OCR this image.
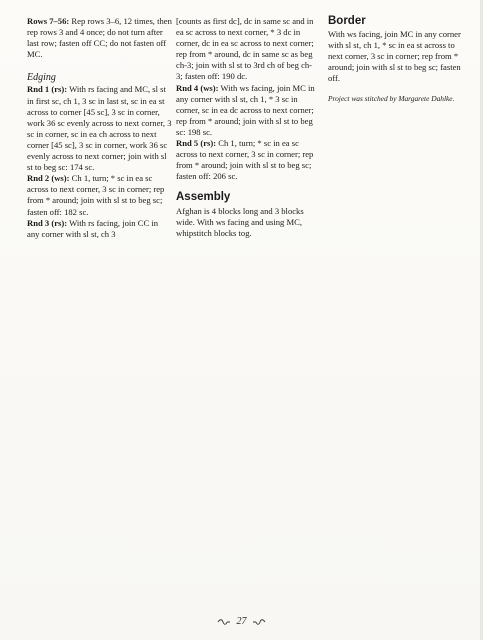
Rows 7–56: Rep rows 3–6, 12 times, then rep rows 3 and 4 once; do not turn after last row; fasten off CC; do not fasten off MC.

Edging

Rnd 1 (rs): With rs facing and MC, sl st in first sc, ch 1, 3 sc in last st, sc in ea st across to corner [45 sc], 3 sc in corner, work 36 sc evenly across to next corner, 3 sc in corner, sc in ea ch across to next corner [45 sc], 3 sc in corner, work 36 sc evenly across to next corner; join with sl st to beg sc: 174 sc.

Rnd 2 (ws): Ch 1, turn; * sc in ea sc across to next corner, 3 sc in corner; rep from * around; join with sl st to beg sc; fasten off: 182 sc.

Rnd 3 (rs): With rs facing, join CC in any corner with sl st, ch 3

[counts as first dc], dc in same sc and in ea sc across to next corner, * 3 dc in corner, dc in ea sc across to next corner; rep from * around, dc in same sc as beg ch-3; join with sl st to 3rd ch of beg ch-3; fasten off: 190 dc.

Rnd 4 (ws): With ws facing, join MC in any corner with sl st, ch 1, * 3 sc in corner, sc in ea dc across to next corner; rep from * around; join with sl st to beg sc: 198 sc.

Rnd 5 (rs): Ch 1, turn; * sc in ea sc across to next corner, 3 sc in corner; rep from * around; join with sl st to beg sc; fasten off: 206 sc.

Assembly

Afghan is 4 blocks long and 3 blocks wide. With ws facing and using MC, whipstitch blocks tog.

Border

With ws facing, join MC in any corner with sl st, ch 1, * sc in ea st across to next corner, 3 sc in corner; rep from * around; join with sl st to beg sc; fasten off.

Project was stitched by Margarete Dahlke.

27
